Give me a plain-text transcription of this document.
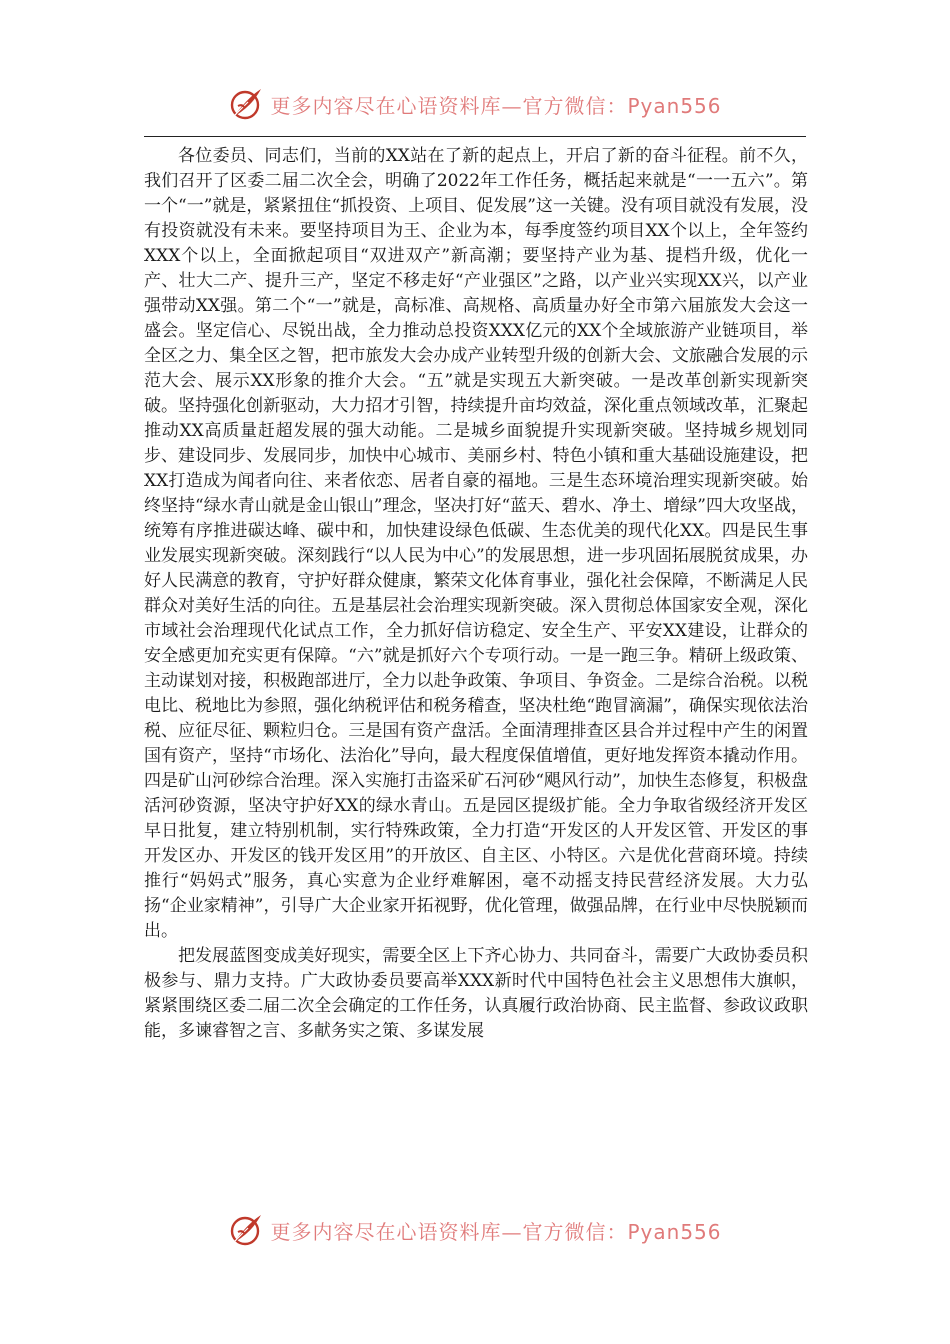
更多内容尽在心语资料库—官方微信：Pyan556

各位委员、同志们，当前的XX站在了新的起点上，开启了新的奋斗征程。前不久，我们召开了区委二届二次全会，明确了2022年工作任务，概括起来就是“一一五六”。第一个“一”就是，紧紧扭住“抓投资、上项目、促发展”这一关键。没有项目就没有发展，没有投资就没有未来。要坚持项目为王、企业为本，每季度签约项目XX个以上，全年签约XXX个以上，全面掀起项目“双进双产”新高潮；要坚持产业为基、提档升级，优化一产、壮大二产、提升三产，坚定不移走好“产业强区”之路，以产业兴实现XX兴，以产业强带动XX强。第二个“一”就是，高标准、高规格、高质量办好全市第六届旅发大会这一盛会。坚定信心、尽锐出战，全力推动总投资XXX亿元的XX个全域旅游产业链项目，举全区之力、集全区之智，把市旅发大会办成产业转型升级的创新大会、文旅融合发展的示范大会、展示XX形象的推介大会。“五”就是实现五大新突破。一是改革创新实现新突破。坚持强化创新驱动，大力招才引智，持续提升亩均效益，深化重点领域改革，汇聚起推动XX高质量赶超发展的强大动能。二是城乡面貌提升实现新突破。坚持城乡规划同步、建设同步、发展同步，加快中心城市、美丽乡村、特色小镇和重大基础设施建设，把XX打造成为闻者向往、来者依恋、居者自豪的福地。三是生态环境治理实现新突破。始终坚持“绿水青山就是金山银山”理念，坚决打好“蓝天、碧水、净土、增绿”四大攻坚战，统筹有序推进碳达峰、碳中和，加快建设绿色低碳、生态优美的现代化XX。四是民生事业发展实现新突破。深刻践行“以人民为中心”的发展思想，进一步巩固拓展脱贫成果，办好人民满意的教育，守护好群众健康，繁荣文化体育事业，强化社会保障，不断满足人民群众对美好生活的向往。五是基层社会治理实现新突破。深入贯彻总体国家安全观，深化市域社会治理现代化试点工作，全力抓好信访稳定、安全生产、平安XX建设，让群众的安全感更加充实更有保障。“六”就是抓好六个专项行动。一是一跑三争。精研上级政策、主动谋划对接，积极跑部进厅，全力以赴争政策、争项目、争资金。二是综合治税。以税电比、税地比为参照，强化纳税评估和税务稽查，坚决杜绝“跑冒滴漏”，确保实现依法治税、应征尽征、颗粒归仓。三是国有资产盘活。全面清理排查区县合并过程中产生的闲置国有资产，坚持“市场化、法治化”导向，最大程度保值增值，更好地发挥资本撬动作用。四是矿山河砂综合治理。深入实施打击盗采矿石河砂“飓风行动”，加快生态修复，积极盘活河砂资源，坚决守护好XX的绿水青山。五是园区提级扩能。全力争取省级经济开发区早日批复，建立特别机制，实行特殊政策，全力打造“开发区的人开发区管、开发区的事开发区办、开发区的钱开发区用”的开放区、自主区、小特区。六是优化营商环境。持续推行“妈妈式”服务，真心实意为企业纾难解困，毫不动摇支持民营经济发展。大力弘扬“企业家精神”，引导广大企业家开拓视野，优化管理，做强品牌，在行业中尽快脱颖而出。

把发展蓝图变成美好现实，需要全区上下齐心协力、共同奋斗，需要广大政协委员积极参与、鼎力支持。广大政协委员要高举XXX新时代中国特色社会主义思想伟大旗帜，紧紧围绕区委二届二次全会确定的工作任务，认真履行政治协商、民主监督、参政议政职能，多谏睿智之言、多献务实之策、多谋发展

更多内容尽在心语资料库—官方微信：Pyan556
